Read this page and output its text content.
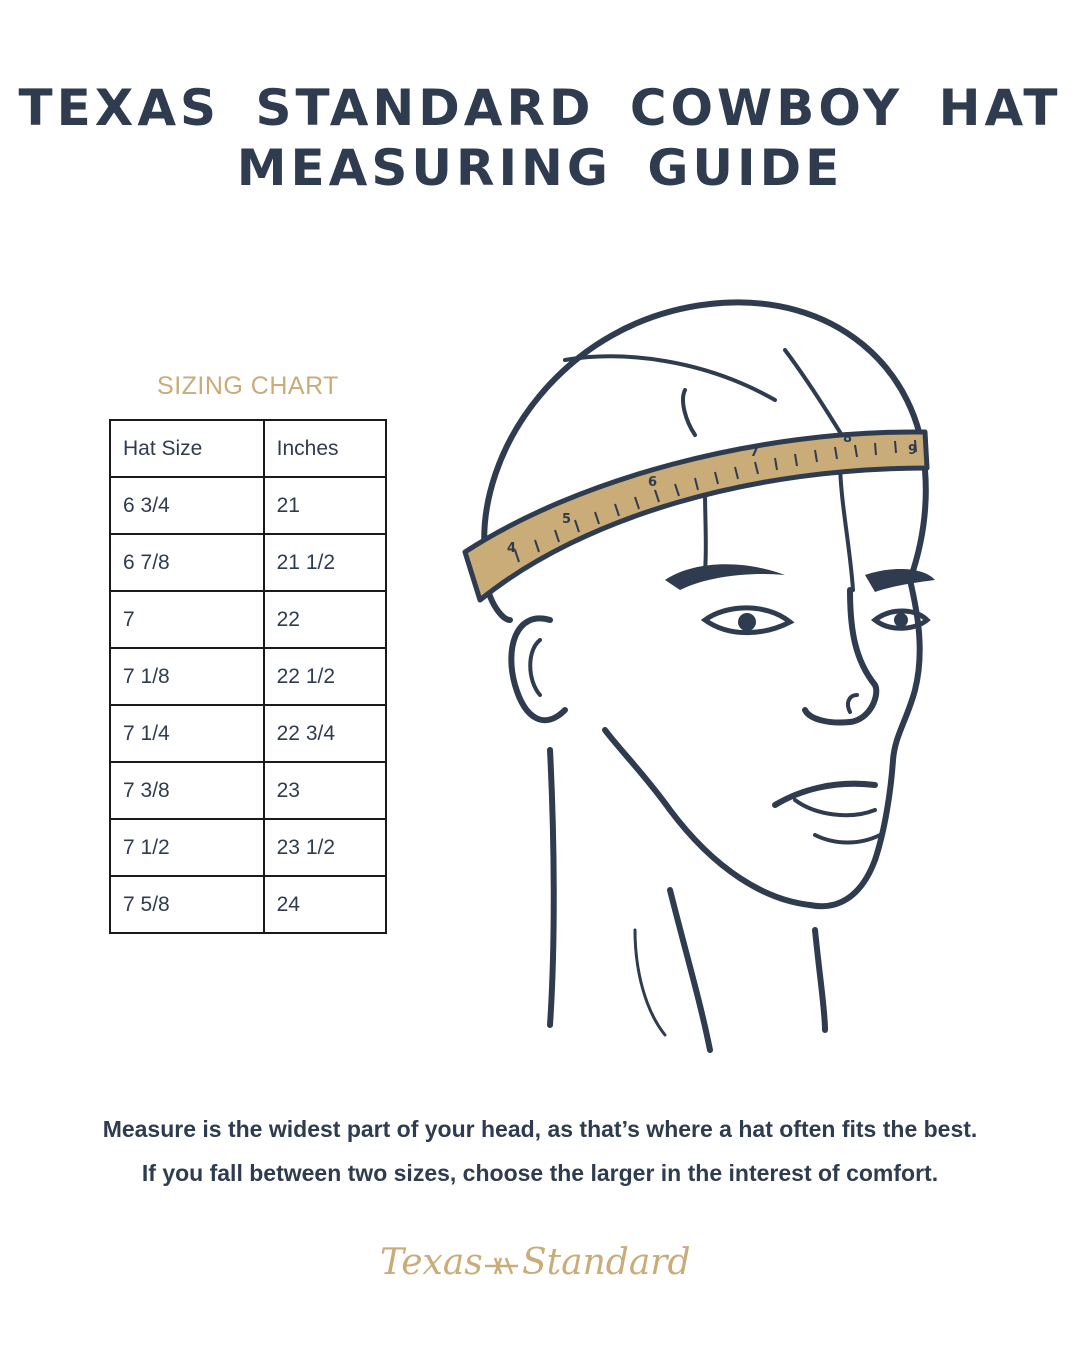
TEXAS STANDARD COWBOY HAT
MEASURING GUIDE
SIZING CHART
Hat Size	Inches
6 3/4	21
6 7/8	21 1/2
7	22
7 1/8	22 1/2
7 1/4	22 3/4
7 3/8	23
7 1/2	23 1/2
7 5/8	24
4
5
6
7
8
9
Measure is the widest part of your head, as that’s where a hat often fits the best.
If you fall between two sizes, choose the larger in the interest of comfort.
Texas Standard
